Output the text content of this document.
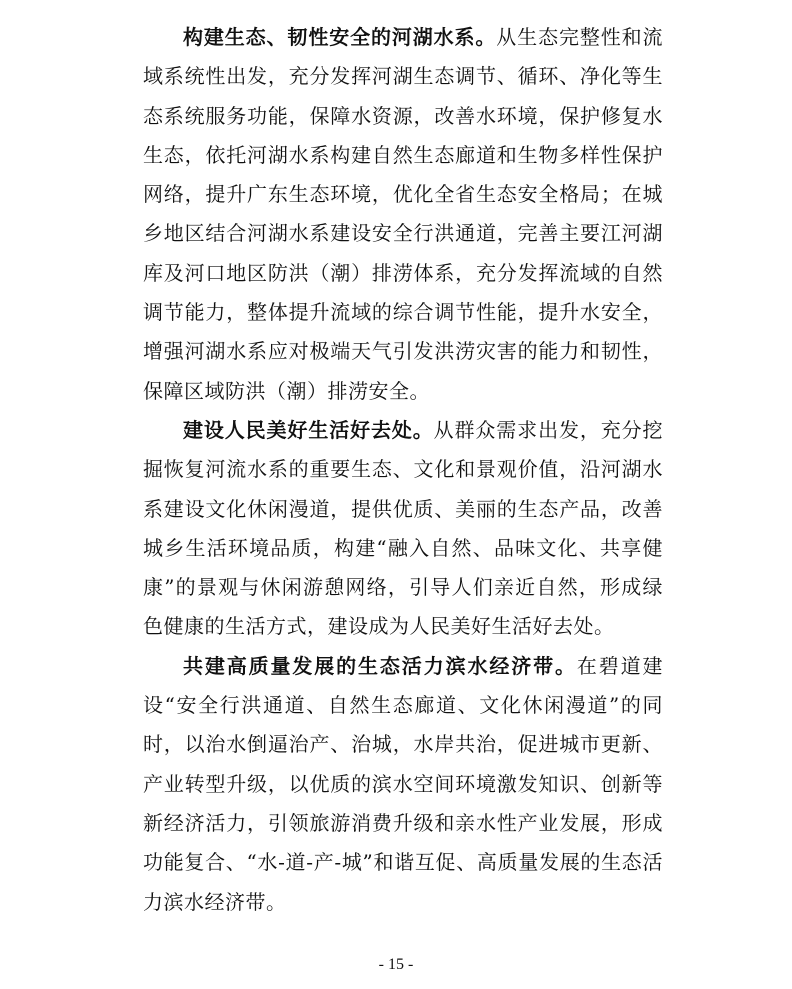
构建生态、韧性安全的河湖水系。从生态完整性和流域系统性出发，充分发挥河湖生态调节、循环、净化等生态系统服务功能，保障水资源，改善水环境，保护修复水生态，依托河湖水系构建自然生态廊道和生物多样性保护网络，提升广东生态环境，优化全省生态安全格局；在城乡地区结合河湖水系建设安全行洪通道，完善主要江河湖库及河口地区防洪（潮）排涝体系，充分发挥流域的自然调节能力，整体提升流域的综合调节性能，提升水安全，增强河湖水系应对极端天气引发洪涝灾害的能力和韧性，保障区域防洪（潮）排涝安全。

建设人民美好生活好去处。从群众需求出发，充分挖掘恢复河流水系的重要生态、文化和景观价值，沿河湖水系建设文化休闲漫道，提供优质、美丽的生态产品，改善城乡生活环境品质，构建“融入自然、品味文化、共享健康”的景观与休闲游憩网络，引导人们亲近自然，形成绿色健康的生活方式，建设成为人民美好生活好去处。

共建高质量发展的生态活力滨水经济带。在碧道建设“安全行洪通道、自然生态廊道、文化休闲漫道”的同时，以治水倒逼治产、治城，水岸共治，促进城市更新、产业转型升级，以优质的滨水空间环境激发知识、创新等新经济活力，引领旅游消费升级和亲水性产业发展，形成功能复合、“水-道-产-城”和谐互促、高质量发展的生态活力滨水经济带。

- 15 -
